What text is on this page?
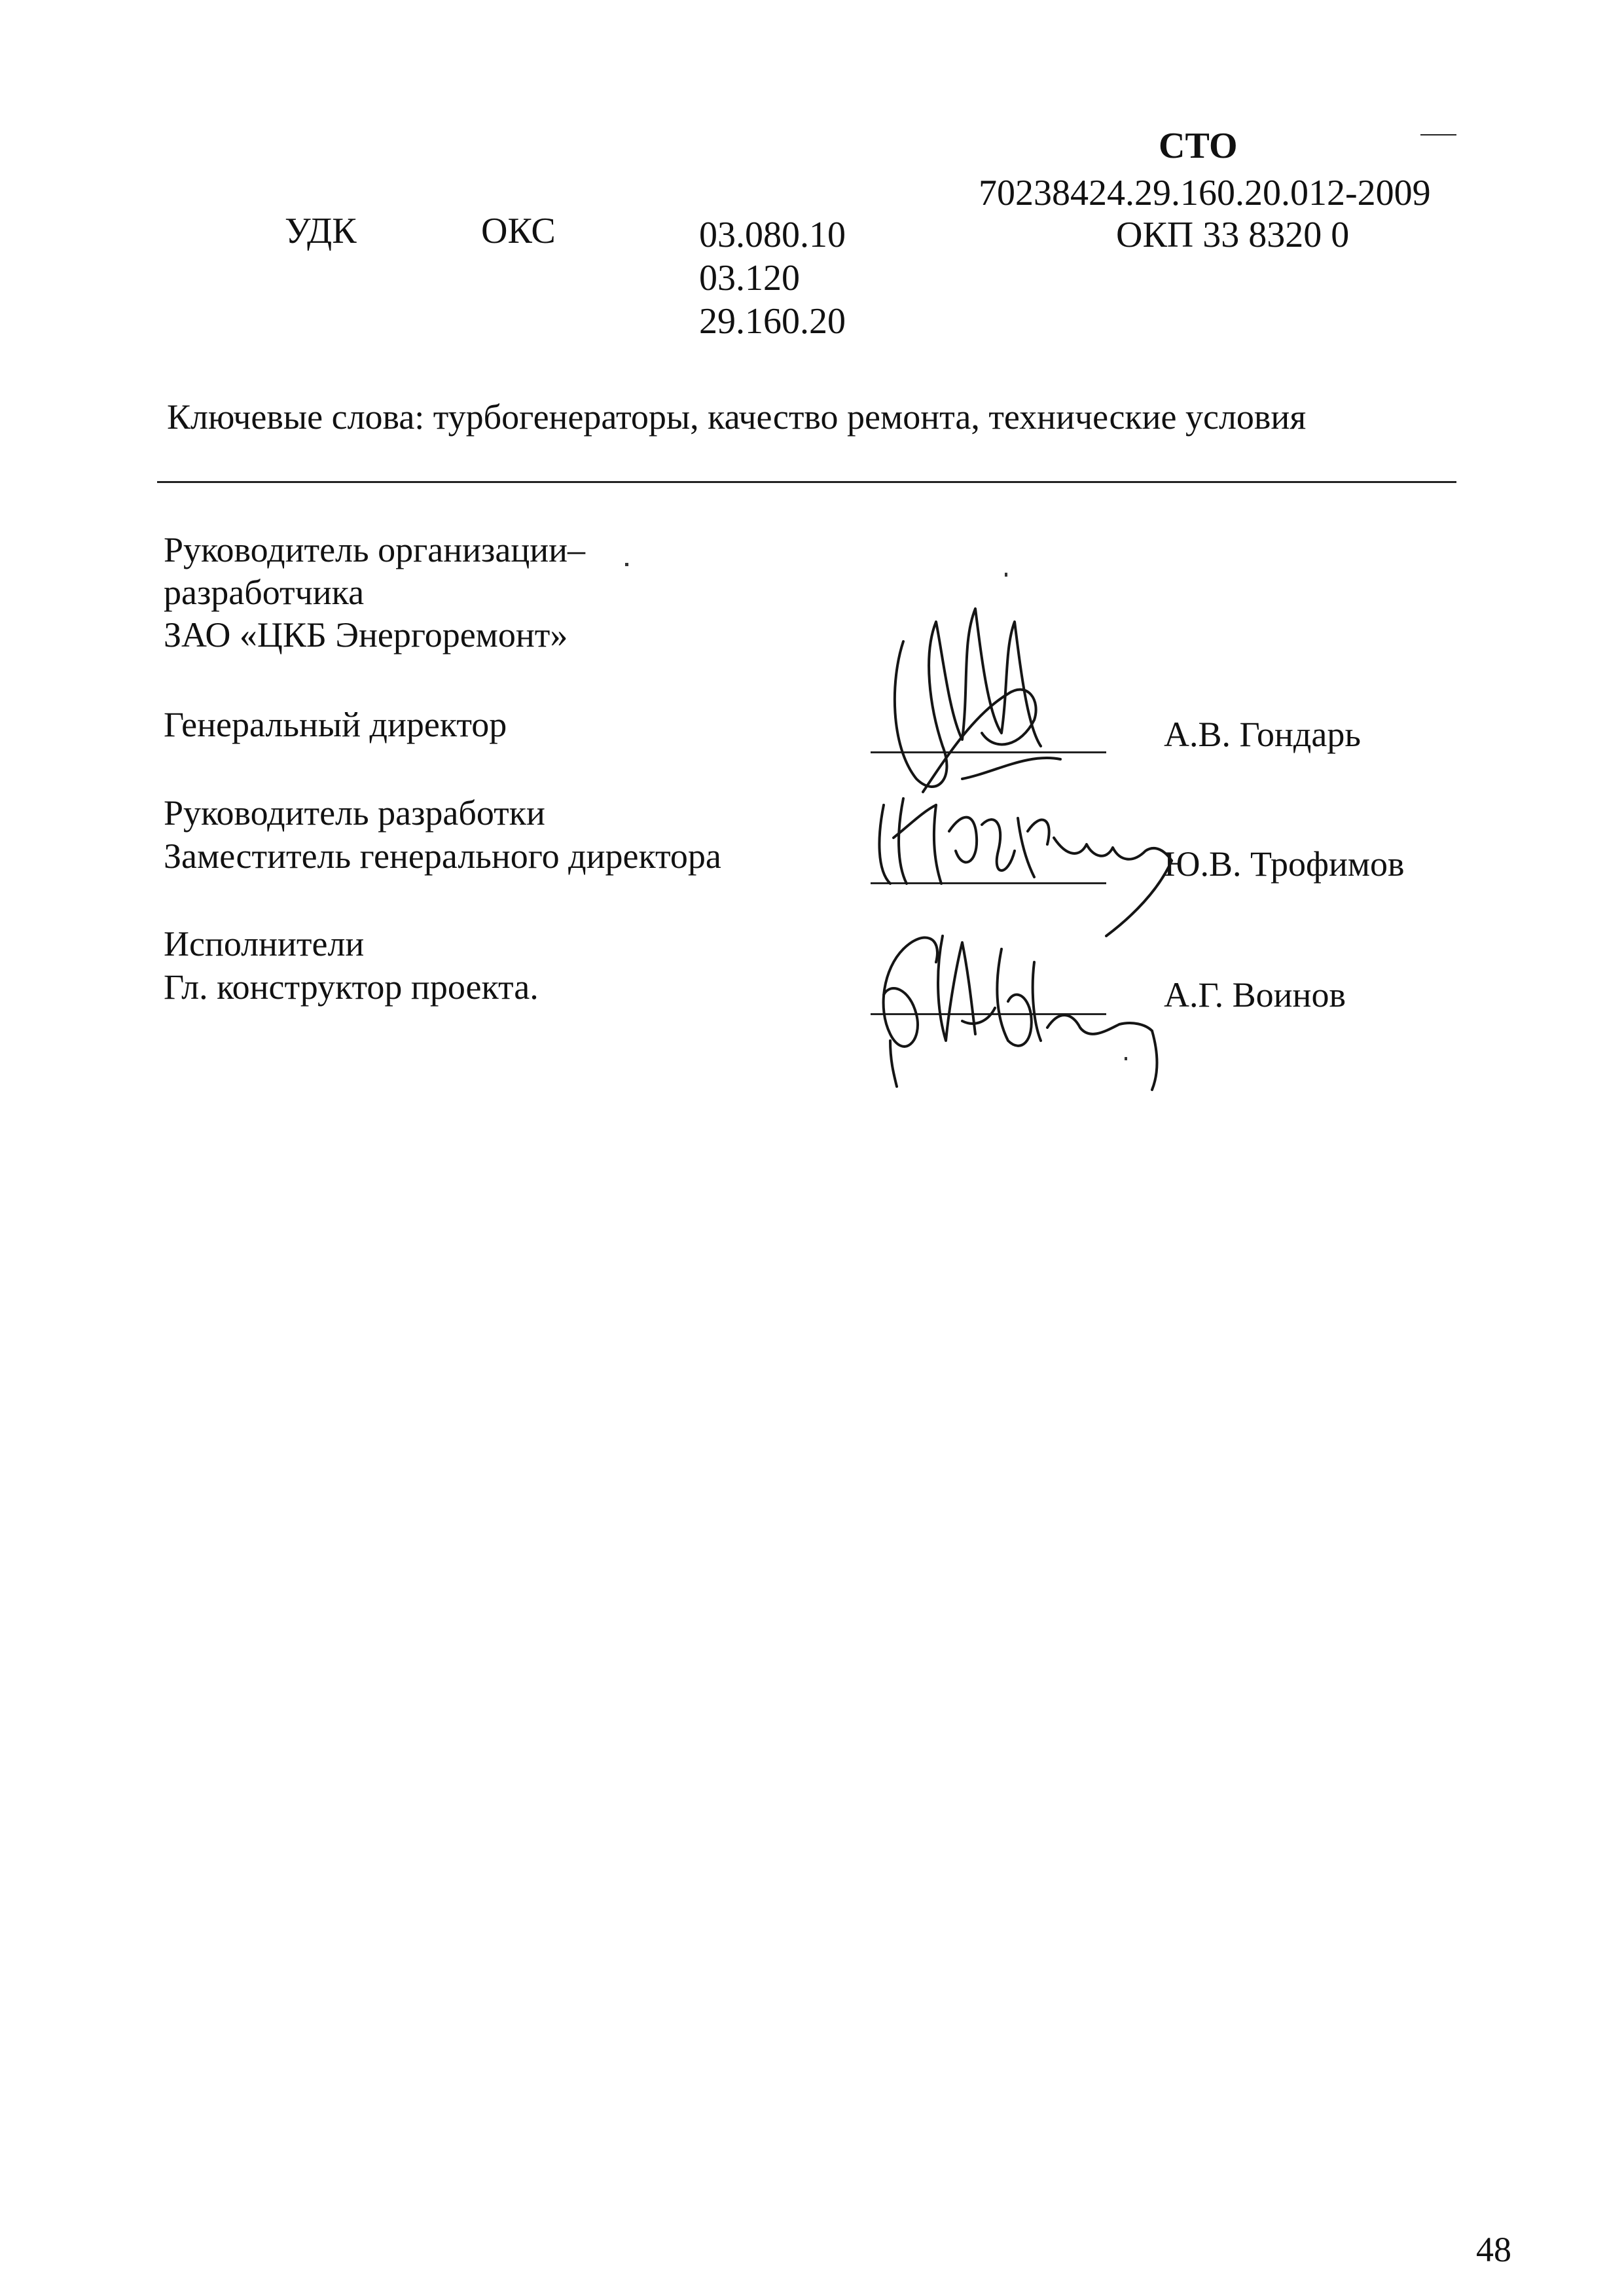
СТО
70238424.29.160.20.012-2009
ОКП 33 8320 0
УДК	ОКС	03.080.10
03.120
29.160.20
Ключевые слова: турбогенераторы, качество ремонта, технические условия
Руководитель организации–
разработчика
ЗАО «ЦКБ Энергоремонт»
Генеральный директор	А.В. Гондарь
Руководитель разработки
Заместитель генерального директора	Ю.В. Трофимов
Исполнители
Гл. конструктор проекта.	А.Г. Воинов
48
